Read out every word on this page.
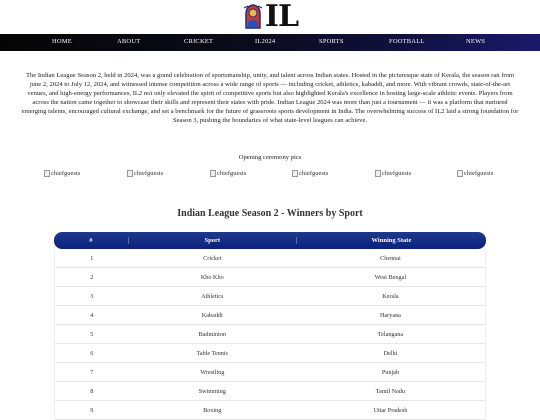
IL
HOME	ABOUT	CRICKET	IL2024	SPORTS	FOOTBALL	NEWS

The Indian League Season 2, held in 2024, was a grand celebration of sportsmanship, unity, and talent across Indian states. Hosted in the picturesque state of Kerala, the season ran from june 2, 2024 to July 12, 2024, and witnessed intense competition across a wide range of sports — including cricket, athletics, kabaddi, and more. With vibrant crowds, state-of-the-art venues, and high-energy performances, IL2 not only elevated the spirit of competitive sports but also highlighted Kerala's excellence in hosting large-scale athletic events. Players from across the nation came together to showcase their skills and represent their states with pride. Indian League 2024 was more than just a tournament — it was a platform that nurtured emerging talents, encouraged cultural exchange, and set a benchmark for the future of grassroots sports development in India. The overwhelming success of IL2 laid a strong foundation for Season 3, pushing the boundaries of what state-level leagues can achieve.

Opening ceremony pics
chiefguests	chiefguests	chiefguests	chiefguests	chiefguests	chiefguests
Indian League Season 2 - Winners by Sport
#	Sport	Winning State
1	Cricket	Chennai
2	Kho Kho	West Bengal
3	Athletics	Kerala
4	Kabaddi	Haryana
5	Badminton	Telangana
6	Table Tennis	Delhi
7	Wrestling	Punjab
8	Swimming	Tamil Nadu
9	Boxing	Uttar Pradesh
